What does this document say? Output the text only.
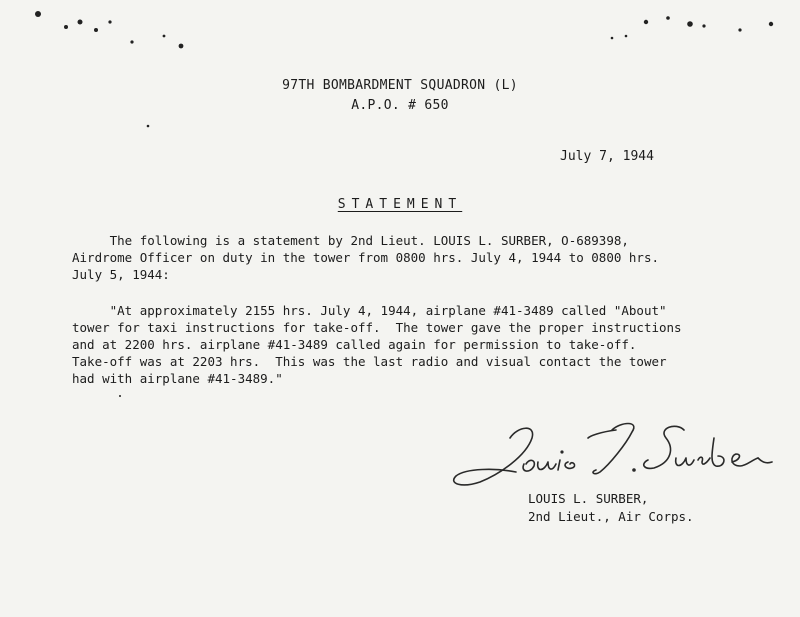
97TH BOMBARDMENT SQUADRON (L)
A.P.O. # 650
July 7, 1944
STATEMENT
The following is a statement by 2nd Lieut. LOUIS L. SURBER, O-689398,
Airdrome Officer on duty in the tower from 0800 hrs. July 4, 1944 to 0800 hrs.
July 5, 1944:
"At approximately 2155 hrs. July 4, 1944, airplane #41-3489 called "About"
tower for taxi instructions for take-off.  The tower gave the proper instructions
and at 2200 hrs. airplane #41-3489 called again for permission to take-off.
Take-off was at 2203 hrs.  This was the last radio and visual contact the tower
had with airplane #41-3489."
LOUIS L. SURBER,
2nd Lieut., Air Corps.
